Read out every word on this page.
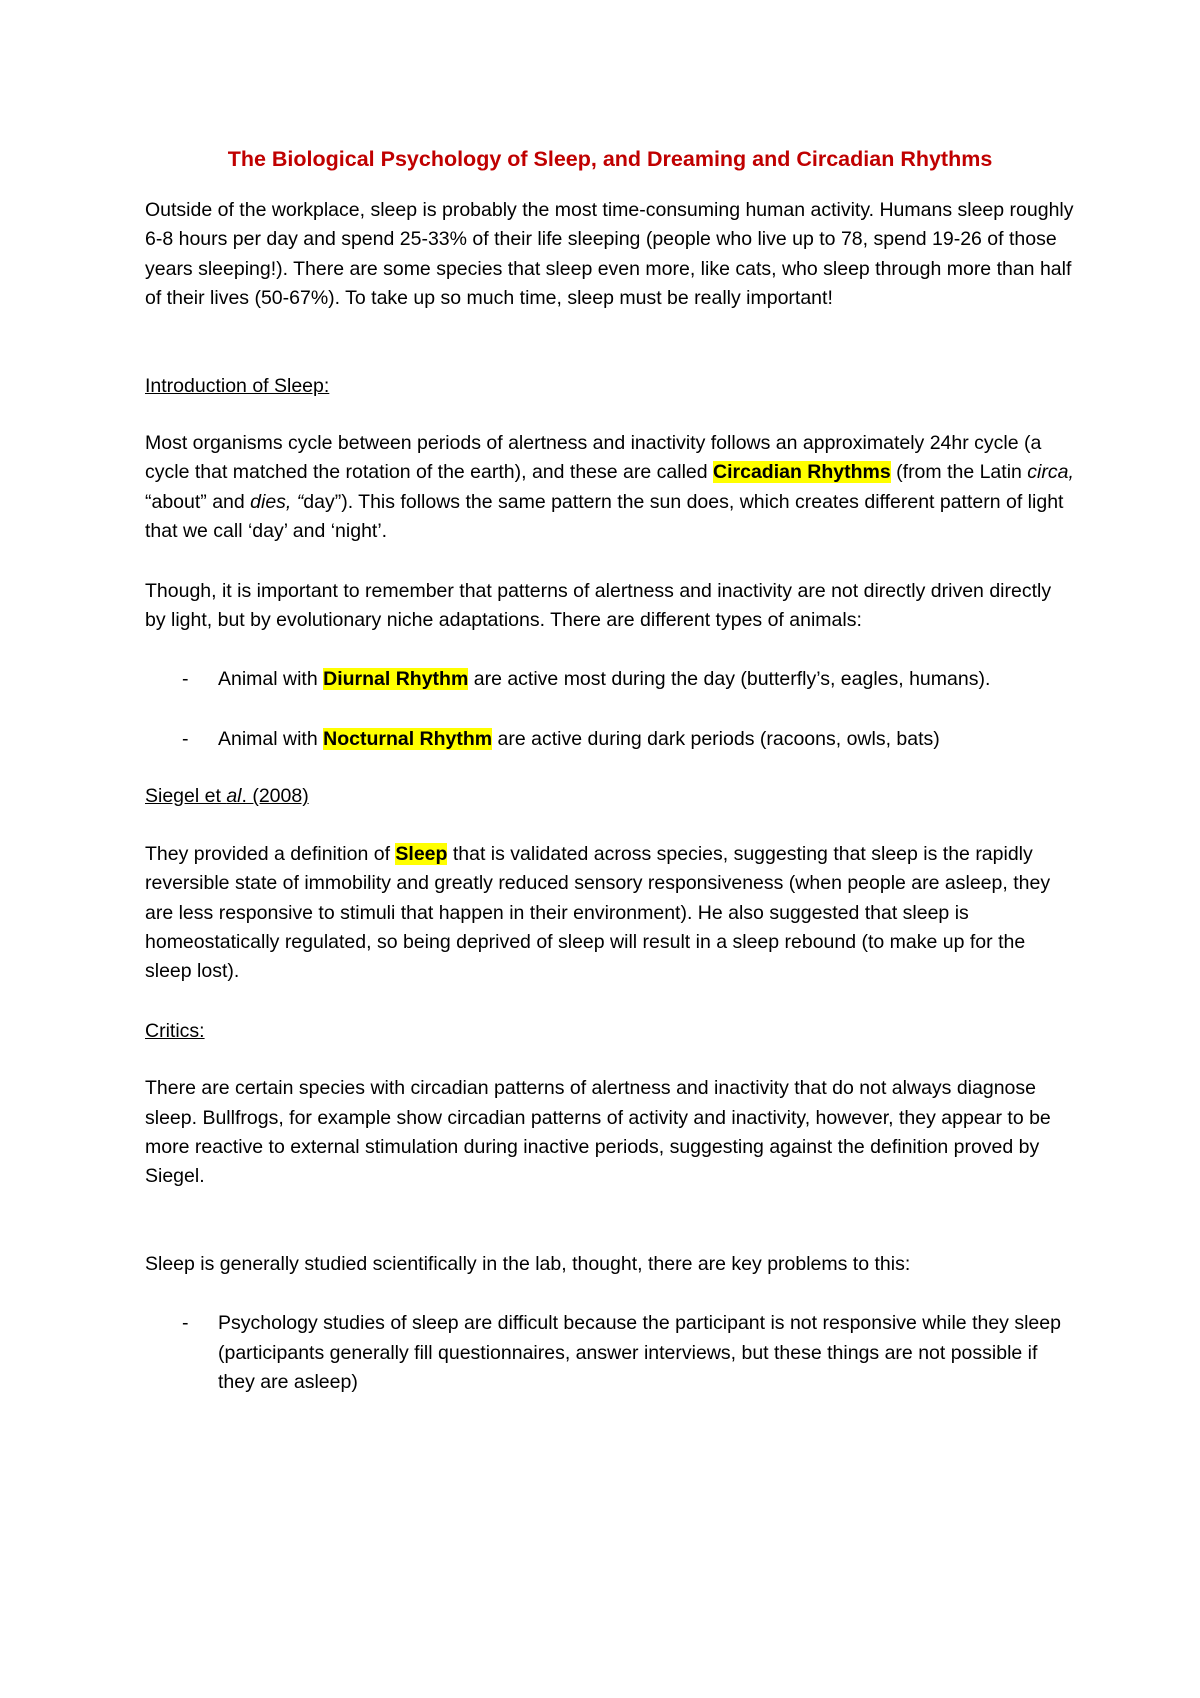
The Biological Psychology of Sleep, and Dreaming and Circadian Rhythms

Outside of the workplace, sleep is probably the most time-consuming human activity. Humans sleep roughly 6-8 hours per day and spend 25-33% of their life sleeping (people who live up to 78, spend 19-26 of those years sleeping!). There are some species that sleep even more, like cats, who sleep through more than half of their lives (50-67%). To take up so much time, sleep must be really important!

Introduction of Sleep:

Most organisms cycle between periods of alertness and inactivity follows an approximately 24hr cycle (a cycle that matched the rotation of the earth), and these are called Circadian Rhythms (from the Latin circa, “about” and dies, “day”). This follows the same pattern the sun does, which creates different pattern of light that we call ‘day’ and ‘night’.

Though, it is important to remember that patterns of alertness and inactivity are not directly driven directly by light, but by evolutionary niche adaptations. There are different types of animals:

- Animal with Diurnal Rhythm are active most during the day (butterfly’s, eagles, humans).
- Animal with Nocturnal Rhythm are active during dark periods (racoons, owls, bats)

Siegel et al. (2008)

They provided a definition of Sleep that is validated across species, suggesting that sleep is the rapidly reversible state of immobility and greatly reduced sensory responsiveness (when people are asleep, they are less responsive to stimuli that happen in their environment). He also suggested that sleep is homeostatically regulated, so being deprived of sleep will result in a sleep rebound (to make up for the sleep lost).

Critics:

There are certain species with circadian patterns of alertness and inactivity that do not always diagnose sleep. Bullfrogs, for example show circadian patterns of activity and inactivity, however, they appear to be more reactive to external stimulation during inactive periods, suggesting against the definition proved by Siegel.

Sleep is generally studied scientifically in the lab, thought, there are key problems to this:

- Psychology studies of sleep are difficult because the participant is not responsive while they sleep (participants generally fill questionnaires, answer interviews, but these things are not possible if they are asleep)
